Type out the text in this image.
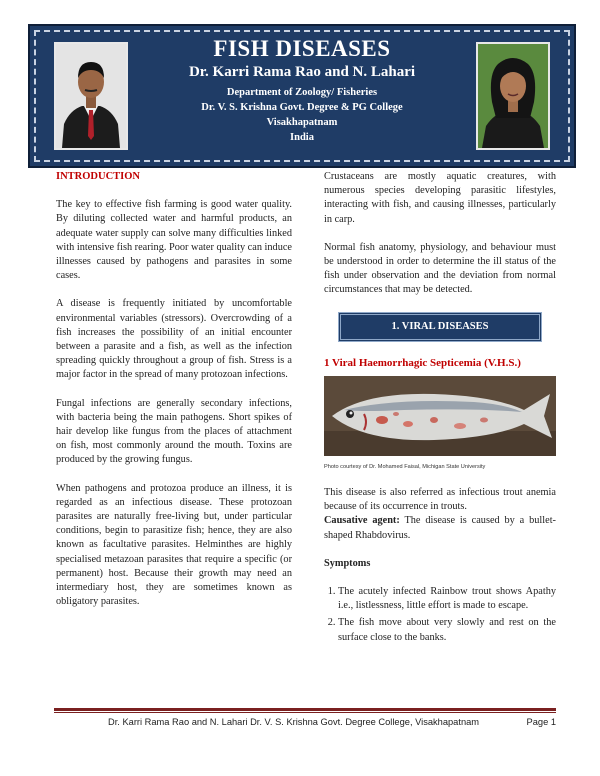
FISH DISEASES
Dr. Karri Rama Rao and N. Lahari
Department of Zoology/ Fisheries
Dr. V. S. Krishna Govt. Degree & PG College
Visakhapatnam
India
INTRODUCTION

The key to effective fish farming is good water quality. By diluting collected water and harmful products, an adequate water supply can solve many difficulties linked with intensive fish rearing. Poor water quality can induce illnesses caused by pathogens and parasites in some cases.

A disease is frequently initiated by uncomfortable environmental variables (stressors). Overcrowding of a fish increases the possibility of an initial encounter between a parasite and a fish, as well as the infection spreading quickly throughout a group of fish. Stress is a major factor in the spread of many protozoan infections.

Fungal infections are generally secondary infections, with bacteria being the main pathogens. Short spikes of hair develop like fungus from the places of attachment on fish, most commonly around the mouth. Toxins are produced by the growing fungus.

When pathogens and protozoa produce an illness, it is regarded as an infectious disease. These protozoan parasites are naturally free-living but, under particular conditions, begin to parasitize fish; hence, they are also known as facultative parasites. Helminthes are highly specialised metazoan parasites that require a specific (or permanent) host. Because their growth may need an intermediary host, they are sometimes known as obligatory parasites.

Crustaceans are mostly aquatic creatures, with numerous species developing parasitic lifestyles, interacting with fish, and causing illnesses, particularly in carp.

Normal fish anatomy, physiology, and behaviour must be understood in order to determine the ill status of the fish under observation and the deviation from normal circumstances that may be detected.

1. VIRAL DISEASES
1 Viral Haemorrhagic Septicemia (V.H.S.)
Photo courtesy of Dr. Mohamed Faisal, Michigan State University
This disease is also referred as infectious trout anemia because of its occurrence in trouts.

Causative agent: The disease is caused by a bullet-shaped Rhabdovirus.

Symptoms
1. The acutely infected Rainbow trout shows Apathy i.e., listlessness, little effort is made to escape.
2. The fish move about very slowly and rest on the surface close to the banks.
Dr. Karri Rama Rao and N. Lahari Dr. V. S. Krishna Govt. Degree College, Visakhapatnam	Page 1
